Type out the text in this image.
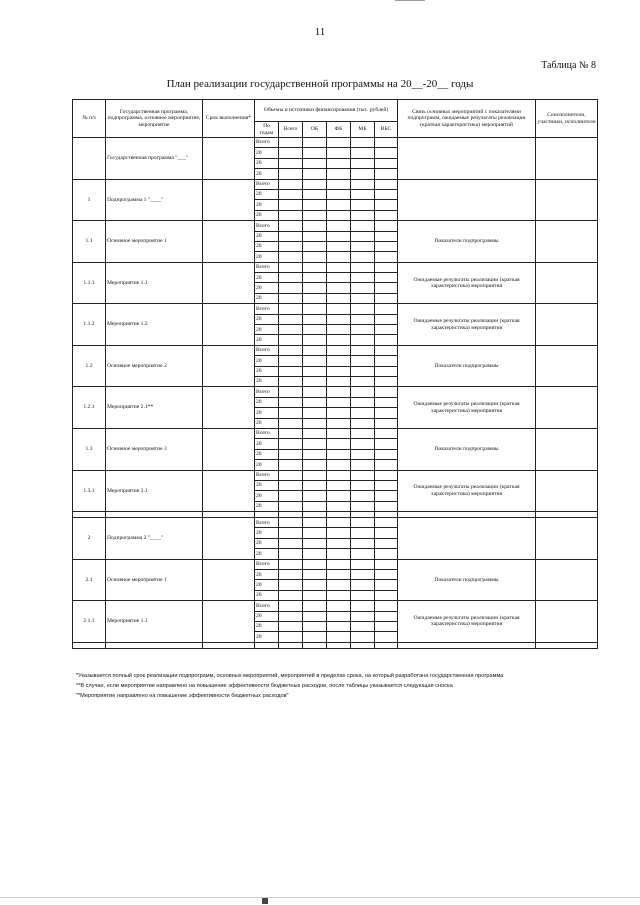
11
Таблица № 8
План реализации государственной программы на 20__-20__ годы
№ п/з	Государственная программа, подпрограмма, основное мероприятие, мероприятие	Срок выполнения*	Объемы и источники финансирования (тыс. рублей)						Связь основных мероприятий с показателями подпрограмм, ожидаемые результаты реализации (краткая характеристика) мероприятий	Соисполнители, участники, исполнители
			По годам	Всего	ОБ	ФБ	МБ	ВБС		
	Государственная программа "___"		Всего							
			20							
			20							
			20							
1	Подпрограмма 1 "____"		Всего							
			20							
			20							
			20							
1.1	Основное мероприятие 1		Всего						Показатели подпрограммы	
			20							
			20							
			20							
1.1.1	Мероприятие 1.1		Всего						Ожидаемые результаты реализации (краткая характеристика) мероприятия	
			20							
			20							
			20							
1.1.2	Мероприятие 1.2		Всего						Ожидаемые результаты реализации (краткая характеристика) мероприятия	
			20							
			20							
			20							
1.2	Основное мероприятие 2		Всего						Показатели подпрограммы	
			20							
			20							
			20							
1.2.1	Мероприятие 2.1**		Всего						Ожидаемые результаты реализации (краткая характеристика) мероприятия	
			20							
			20							
			20							
1.3	Основное мероприятие 3		Всего						Показатели подпрограммы	
			20							
			20							
			20							
1.3.1	Мероприятие 3.1		Всего						Ожидаемые результаты реализации (краткая характеристика) мероприятия	
			20							
			20							
			20							

2	Подпрограмма 2 "____"		Всего							
			20							
			20							
			20							
2.1	Основное мероприятие 1		Всего						Показатели подпрограммы	
			20							
			20							
			20							
2.1.1	Мероприятие 1.1		Всего						Ожидаемые результаты реализации (краткая характеристика) мероприятия	
			20							
			20							
			20							

*Указывается полный срок реализации подпрограмм, основных мероприятий, мероприятий в пределах срока, на который разработана государственная программа

**В случае, если мероприятие направлено на повышение эффективности бюджетных расходов, после таблицы указывается следующая сноска

"*Мероприятие направлено на повышение эффективности бюджетных расходов"
